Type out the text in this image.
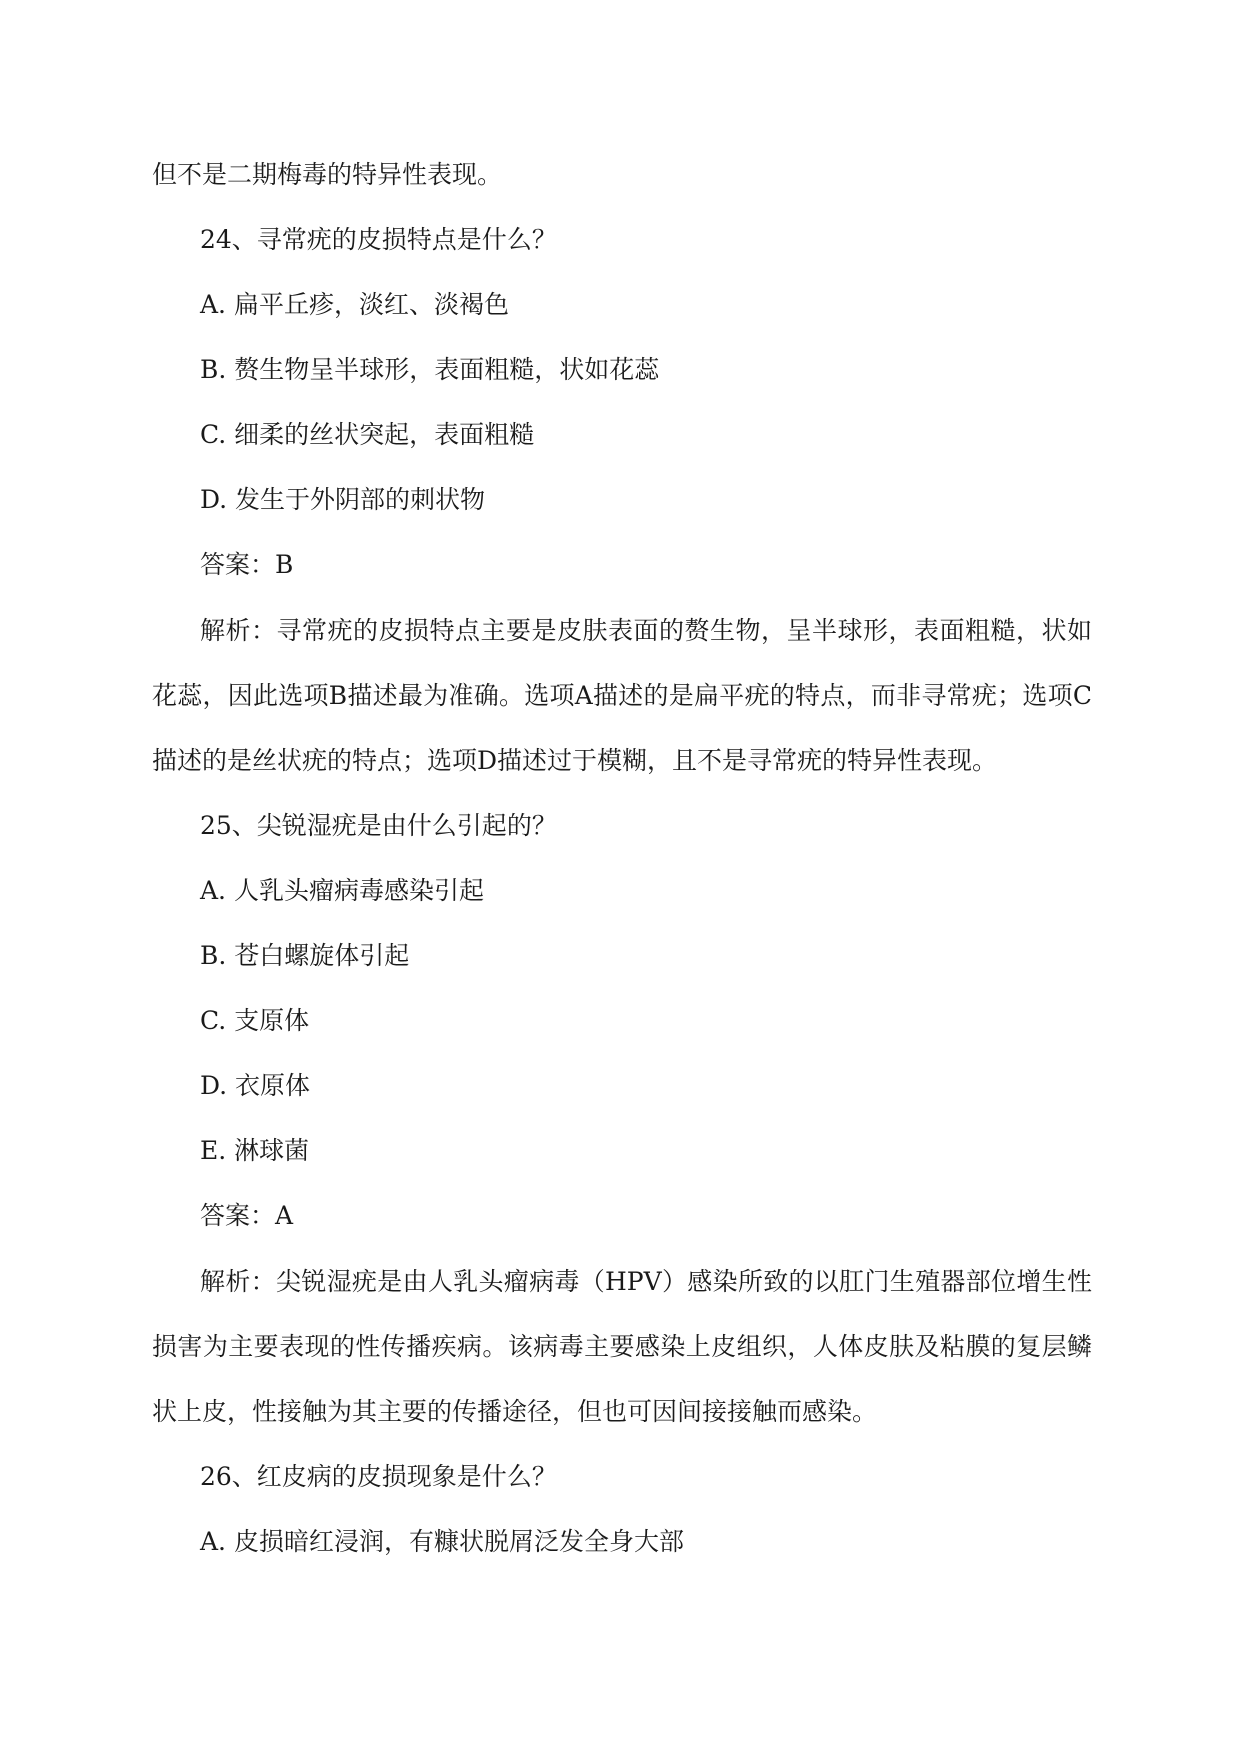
但不是二期梅毒的特异性表现。

24、寻常疣的皮损特点是什么？
A. 扁平丘疹，淡红、淡褐色
B. 赘生物呈半球形，表面粗糙，状如花蕊
C. 细柔的丝状突起，表面粗糙
D. 发生于外阴部的刺状物
答案：B

解析：寻常疣的皮损特点主要是皮肤表面的赘生物，呈半球形，表面粗糙，状如花蕊，因此选项B描述最为准确。选项A描述的是扁平疣的特点，而非寻常疣；选项C描述的是丝状疣的特点；选项D描述过于模糊，且不是寻常疣的特异性表现。

25、尖锐湿疣是由什么引起的？
A. 人乳头瘤病毒感染引起
B. 苍白螺旋体引起
C. 支原体
D. 衣原体
E. 淋球菌
答案：A

解析：尖锐湿疣是由人乳头瘤病毒（HPV）感染所致的以肛门生殖器部位增生性损害为主要表现的性传播疾病。该病毒主要感染上皮组织，人体皮肤及粘膜的复层鳞状上皮，性接触为其主要的传播途径，但也可因间接接触而感染。

26、红皮病的皮损现象是什么？
A. 皮损暗红浸润，有糠状脱屑泛发全身大部
